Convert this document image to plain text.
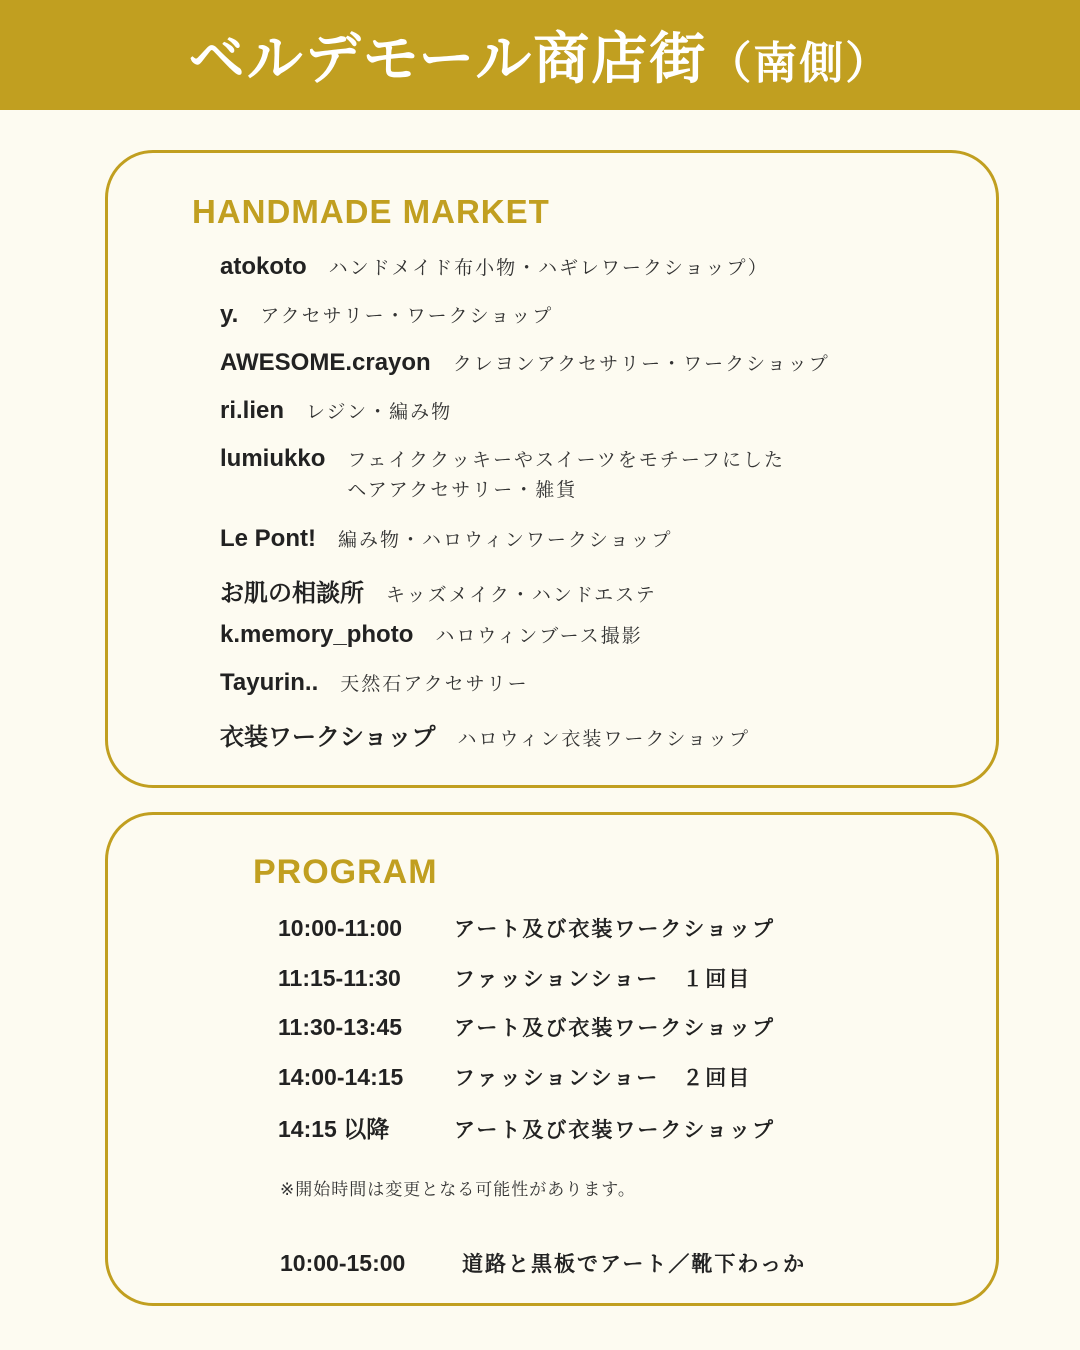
ベルデモール商店街（南側）
HANDMADE MARKET
atokoto ハンドメイド布小物・ハギレワークショップ）
y. アクセサリー・ワークショップ
AWESOME.crayon クレヨンアクセサリー・ワークショップ
ri.lien レジン・編み物
lumiukko フェイククッキーやスイーツをモチーフにした
ヘアアクセサリー・雑貨
Le Pont! 編み物・ハロウィンワークショップ
お肌の相談所 キッズメイク・ハンドエステ
k.memory_photo ハロウィンブース撮影
Tayurin.. 天然石アクセサリー
衣装ワークショップ ハロウィン衣装ワークショップ
PROGRAM
10:00-11:00	アート及び衣装ワークショップ
11:15-11:30	ファッションショー　１回目
11:30-13:45	アート及び衣装ワークショップ
14:00-14:15	ファッションショー　２回目
14:15 以降	アート及び衣装ワークショップ
※開始時間は変更となる可能性があります。
10:00-15:00	道路と黒板でアート／靴下わっか
